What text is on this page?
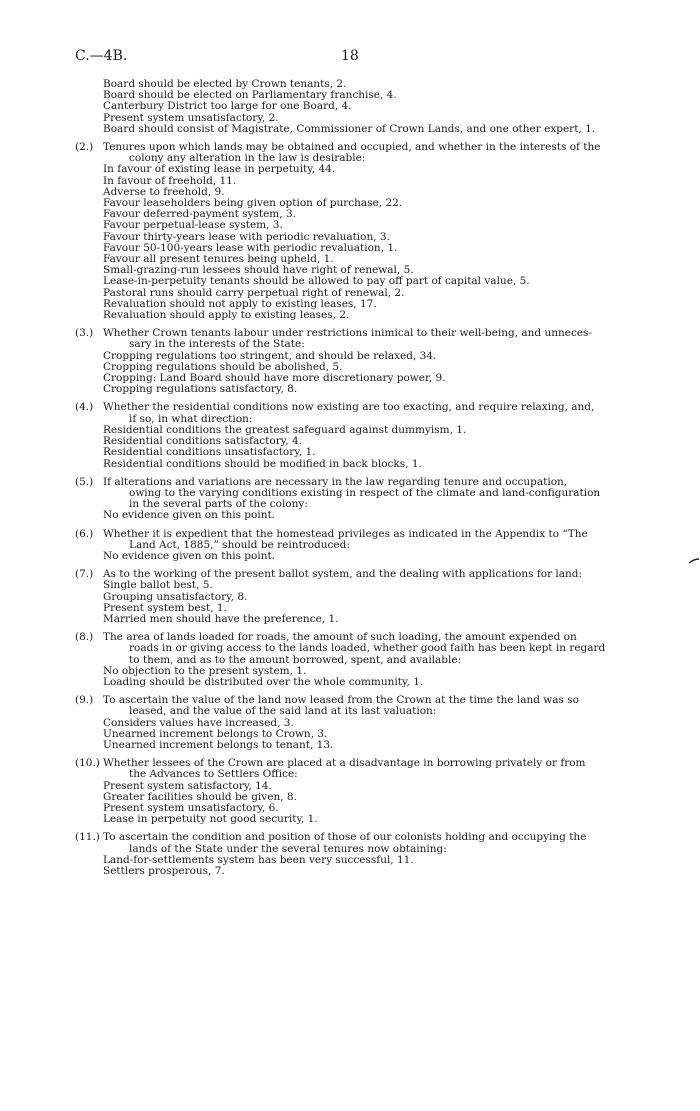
C.—4B.	18
Board should be elected by Crown tenants, 2.
Board should be elected on Parliamentary franchise, 4.
Canterbury District too large for one Board, 4.
Present system unsatisfactory, 2.
Board should consist of Magistrate, Commissioner of Crown Lands, and one other expert, 1.
(2.) Tenures upon which lands may be obtained and occupied, and whether in the interests of the
colony any alteration in the law is desirable:
In favour of existing lease in perpetuity, 44.
In favour of freehold, 11.
Adverse to freehold, 9.
Favour leaseholders being given option of purchase, 22.
Favour deferred-payment system, 3.
Favour perpetual-lease system, 3.
Favour thirty-years lease with periodic revaluation, 3.
Favour 50-100-years lease with periodic revaluation, 1.
Favour all present tenures being upheld, 1.
Small-grazing-run lessees should have right of renewal, 5.
Lease-in-perpetuity tenants should be allowed to pay off part of capital value, 5.
Pastoral runs should carry perpetual right of renewal, 2.
Revaluation should not apply to existing leases, 17.
Revaluation should apply to existing leases, 2.
(3.) Whether Crown tenants labour under restrictions inimical to their well-being, and unneces-
sary in the interests of the State:
Cropping regulations too stringent, and should be relaxed, 34.
Cropping regulations should be abolished, 5.
Cropping: Land Board should have more discretionary power, 9.
Cropping regulations satisfactory, 8.
(4.) Whether the residential conditions now existing are too exacting, and require relaxing, and,
if so, in what direction:
Residential conditions the greatest safeguard against dummyism, 1.
Residential conditions satisfactory, 4.
Residential conditions unsatisfactory, 1.
Residential conditions should be modified in back blocks, 1.
(5.) If alterations and variations are necessary in the law regarding tenure and occupation,
owing to the varying conditions existing in respect of the climate and land-configuration
in the several parts of the colony:
No evidence given on this point.
(6.) Whether it is expedient that the homestead privileges as indicated in the Appendix to “The
Land Act, 1885,” should be reintroduced:
No evidence given on this point.
(7.) As to the working of the present ballot system, and the dealing with applications for land:
Single ballot best, 5.
Grouping unsatisfactory, 8.
Present system best, 1.
Married men should have the preference, 1.
(8.) The area of lands loaded for roads, the amount of such loading, the amount expended on
roads in or giving access to the lands loaded, whether good faith has been kept in regard
to them, and as to the amount borrowed, spent, and available:
No objection to the present system, 1.
Loading should be distributed over the whole community, 1.
(9.) To ascertain the value of the land now leased from the Crown at the time the land was so
leased, and the value of the said land at its last valuation:
Considers values have increased, 3.
Unearned increment belongs to Crown, 3.
Unearned increment belongs to tenant, 13.
(10.) Whether lessees of the Crown are placed at a disadvantage in borrowing privately or from
the Advances to Settlers Office:
Present system satisfactory, 14.
Greater facilities should be given, 8.
Present system unsatisfactory, 6.
Lease in perpetuity not good security, 1.
(11.) To ascertain the condition and position of those of our colonists holding and occupying the
lands of the State under the several tenures now obtaining:
Land-for-settlements system has been very successful, 11.
Settlers prosperous, 7.
